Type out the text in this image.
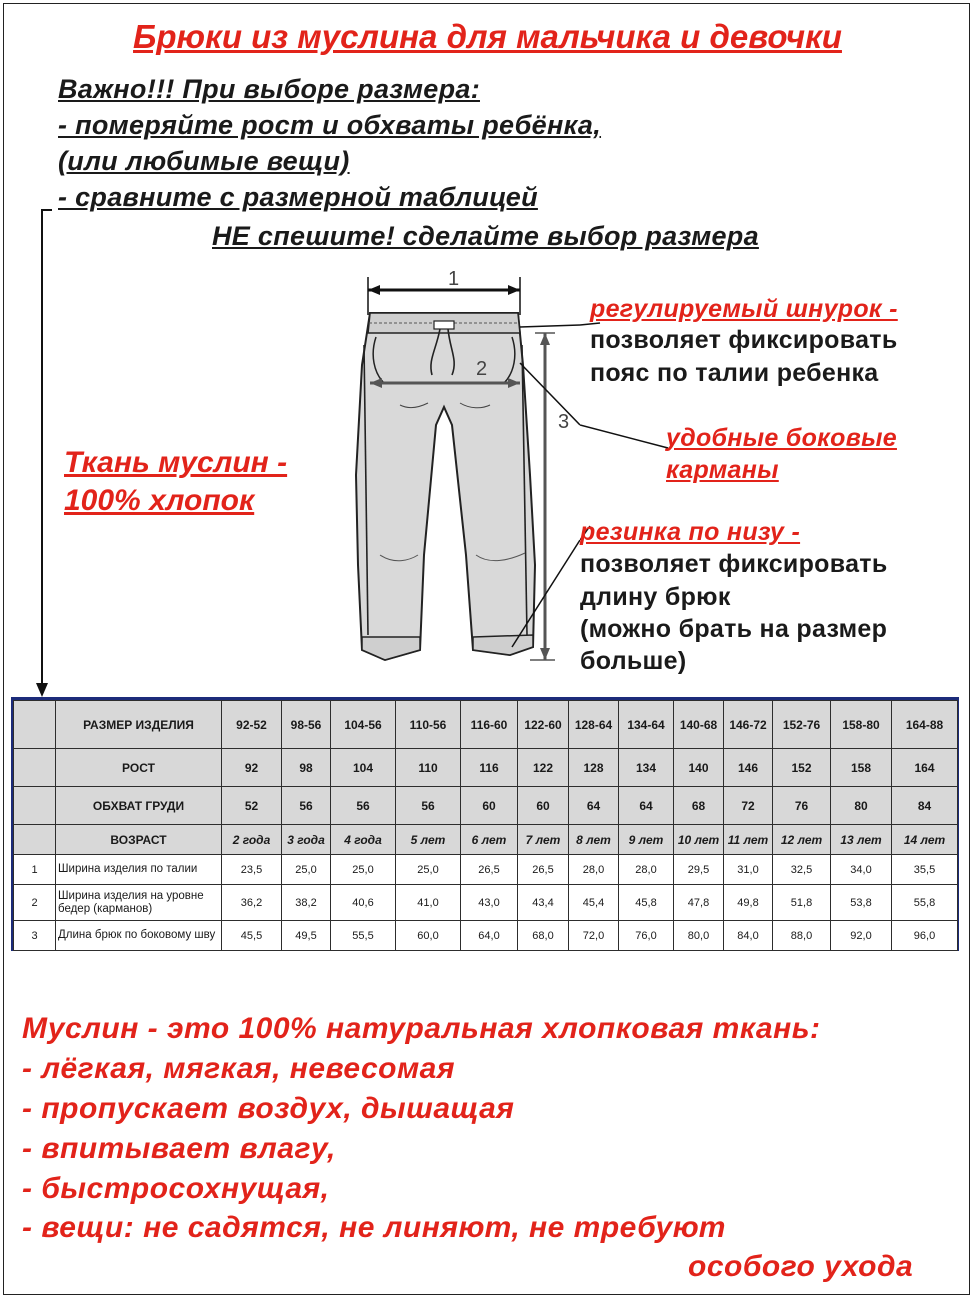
Брюки из муслина для мальчика и девочки
Важно!!! При выборе размера:
- померяйте рост и обхваты ребёнка,
(или любимые вещи)
- сравните с размерной таблицей
НЕ спешите! сделайте выбор размера
Ткань муслин -
100% хлопок
1
2
3
регулируемый шнурок -
позволяет фиксировать
пояс по талии ребенка
удобные боковые
карманы
резинка по низу -
позволяет фиксировать
длину брюк
(можно брать на размер
больше)
	РАЗМЕР ИЗДЕЛИЯ	92-52	98-56	104-56	110-56	116-60	122-60	128-64	134-64	140-68	146-72	152-76	158-80	164-88
	РОСТ	92	98	104	110	116	122	128	134	140	146	152	158	164
	ОБХВАТ ГРУДИ	52	56	56	56	60	60	64	64	68	72	76	80	84
	ВОЗРАСТ	2 года	3 года	4 года	5 лет	6 лет	7 лет	8 лет	9 лет	10 лет	11 лет	12 лет	13 лет	14 лет
1	Ширина изделия по талии	23,5	25,0	25,0	25,0	26,5	26,5	28,0	28,0	29,5	31,0	32,5	34,0	35,5
2	Ширина изделия на уровне бедер (карманов)	36,2	38,2	40,6	41,0	43,0	43,4	45,4	45,8	47,8	49,8	51,8	53,8	55,8
3	Длина брюк по боковому шву	45,5	49,5	55,5	60,0	64,0	68,0	72,0	76,0	80,0	84,0	88,0	92,0	96,0
Муслин - это 100% натуральная хлопковая ткань:
- лёгкая, мягкая, невесомая
- пропускает воздух, дышащая
- впитывает влагу,
- быстросохнущая,
- вещи: не садятся, не линяют, не требуют
особого ухода
